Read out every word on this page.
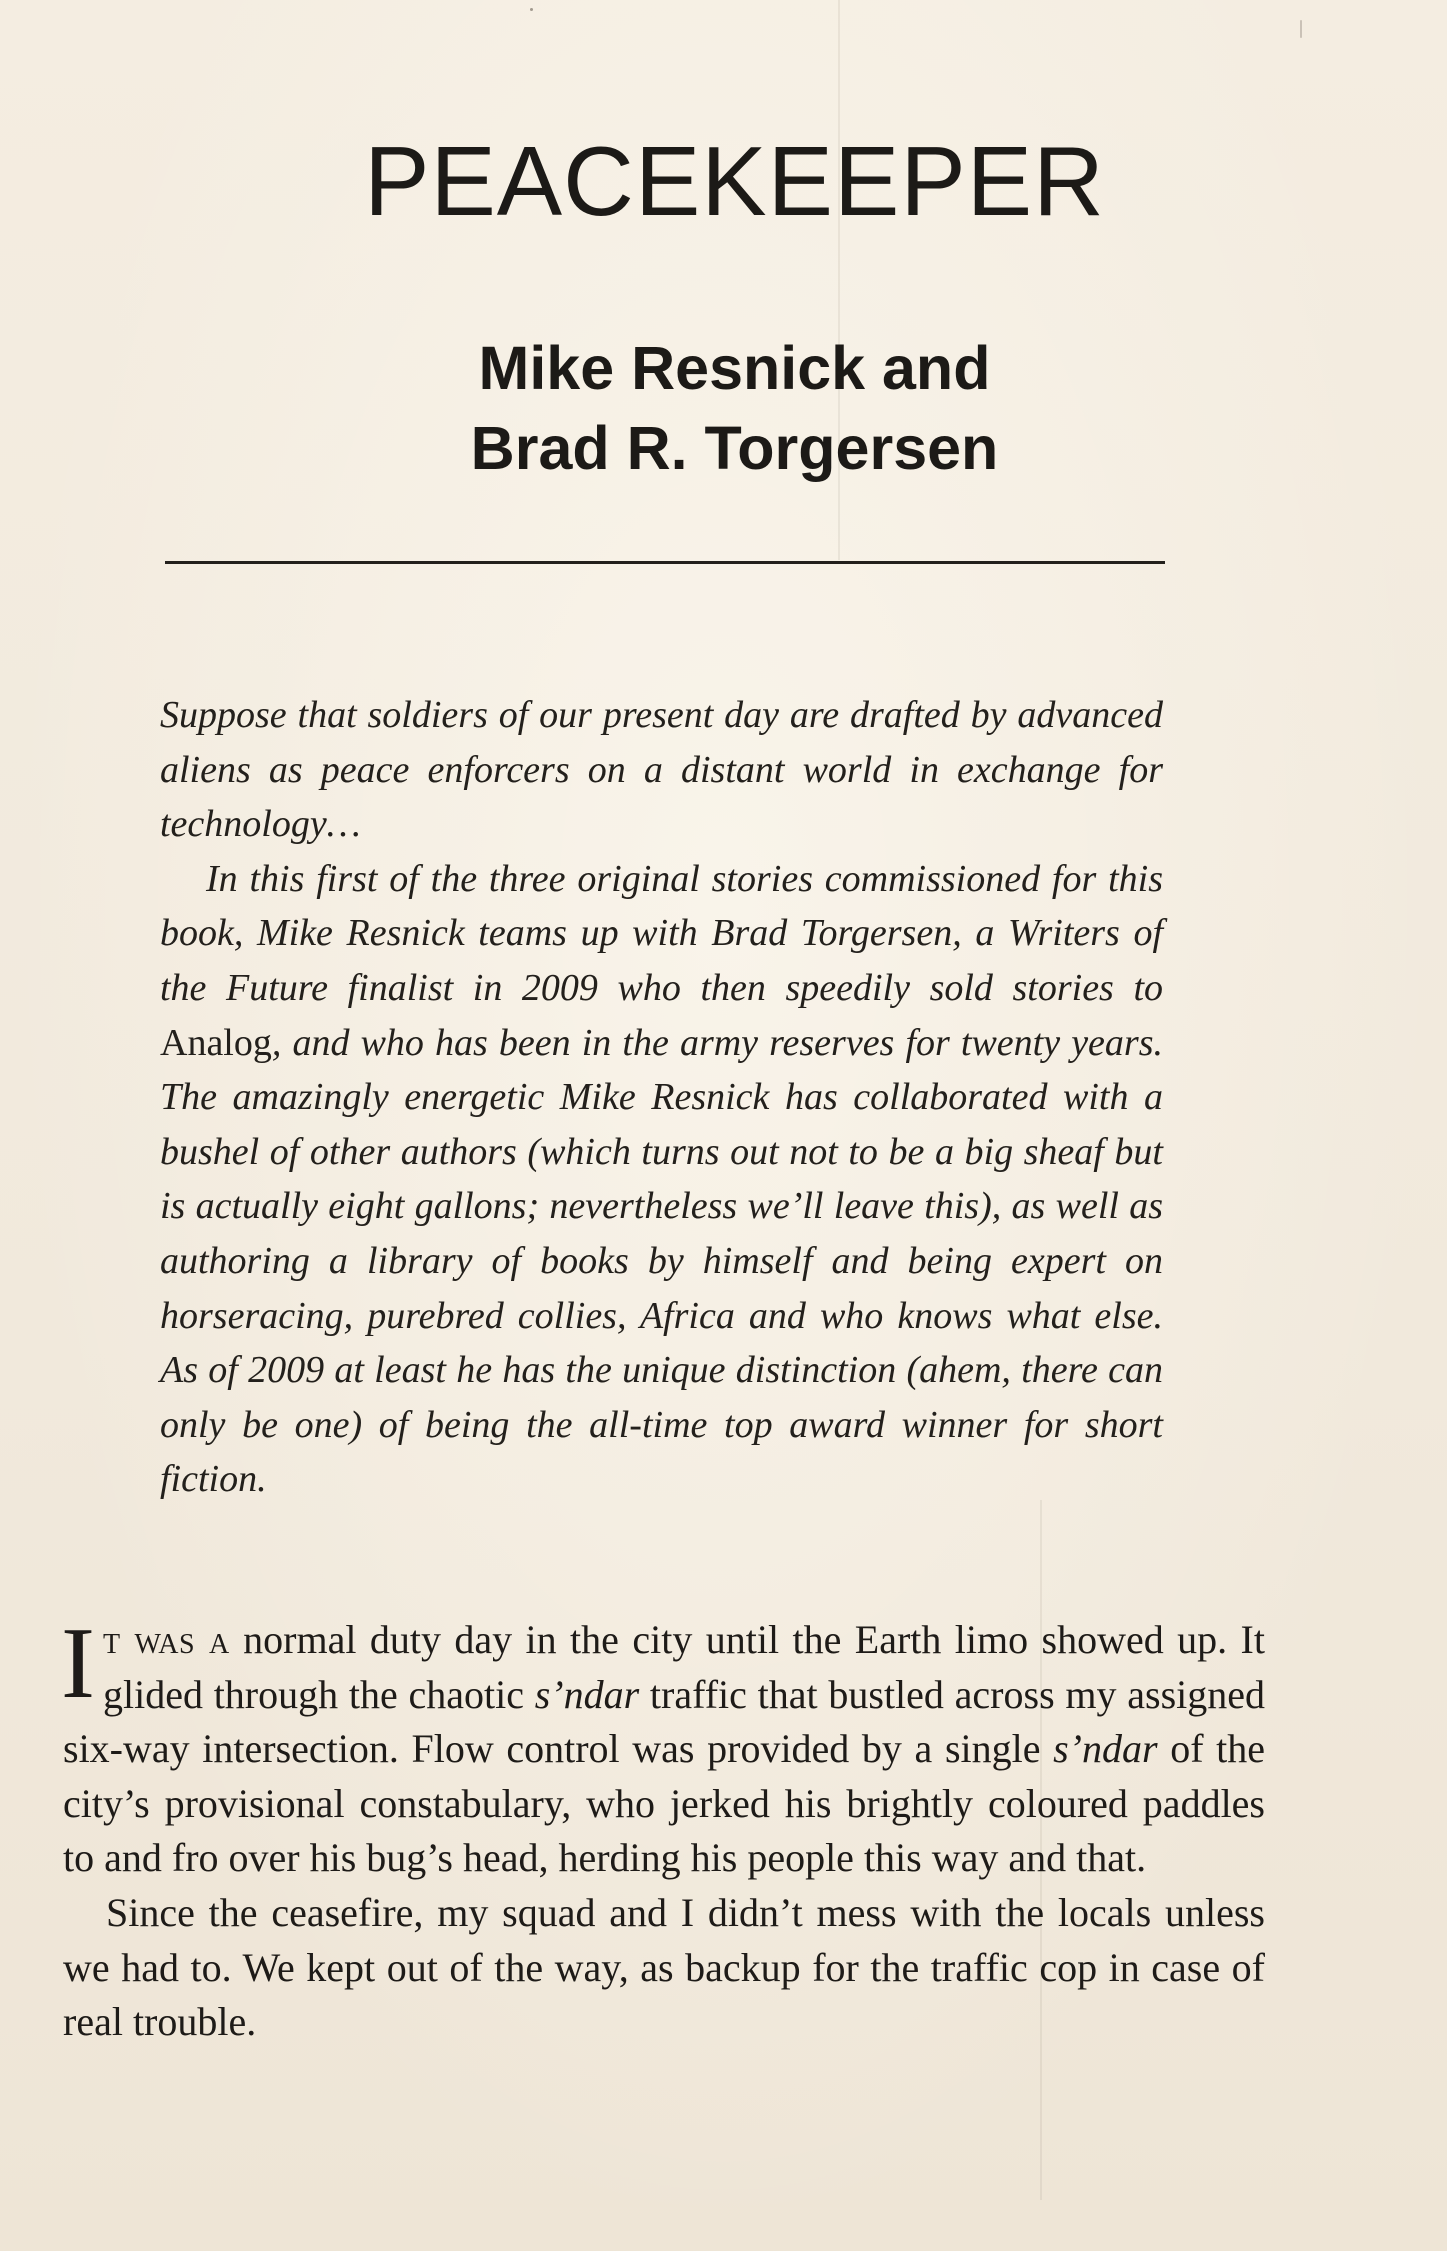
PEACEKEEPER
Mike Resnick and
Brad R. Torgersen

Suppose that soldiers of our present day are drafted by advanced aliens as peace enforcers on a distant world in exchange for technology…

In this first of the three original stories commissioned for this book, Mike Resnick teams up with Brad Torgersen, a Writers of the Future finalist in 2009 who then speedily sold stories to Analog, and who has been in the army reserves for twenty years. The amazingly energetic Mike Resnick has collaborated with a bushel of other authors (which turns out not to be a big sheaf but is actually eight gallons; nevertheless we’ll leave this), as well as authoring a library of books by himself and being expert on horseracing, purebred collies, Africa and who knows what else. As of 2009 at least he has the unique distinction (ahem, there can only be one) of being the all-time top award winner for short fiction.

It was a normal duty day in the city until the Earth limo showed up. It glided through the chaotic s’ndar traffic that bustled across my assigned six-way intersection. Flow control was provided by a single s’ndar of the city’s provisional constabulary, who jerked his brightly coloured paddles to and fro over his bug’s head, herding his people this way and that.

Since the ceasefire, my squad and I didn’t mess with the locals unless we had to. We kept out of the way, as backup for the traffic cop in case of real trouble.
